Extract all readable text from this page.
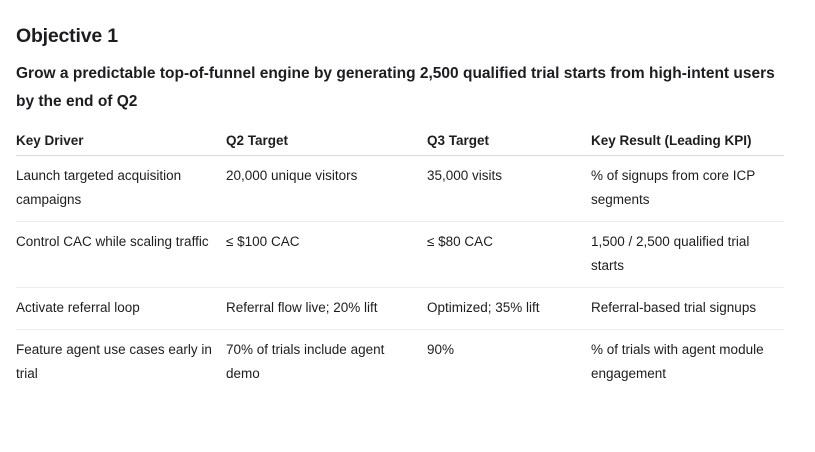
Objective 1

Grow a predictable top-of-funnel engine by generating 2,500 qualified trial starts from high-intent users by the end of Q2

Key Driver	Q2 Target	Q3 Target	Key Result (Leading KPI)
Launch targeted acquisition campaigns	20,000 unique visitors	35,000 visits	% of signups from core ICP segments
Control CAC while scaling traffic	≤ $100 CAC	≤ $80 CAC	1,500 / 2,500 qualified trial starts
Activate referral loop	Referral flow live; 20% lift	Optimized; 35% lift	Referral-based trial signups
Feature agent use cases early in trial	70% of trials include agent demo	90%	% of trials with agent module engagement
